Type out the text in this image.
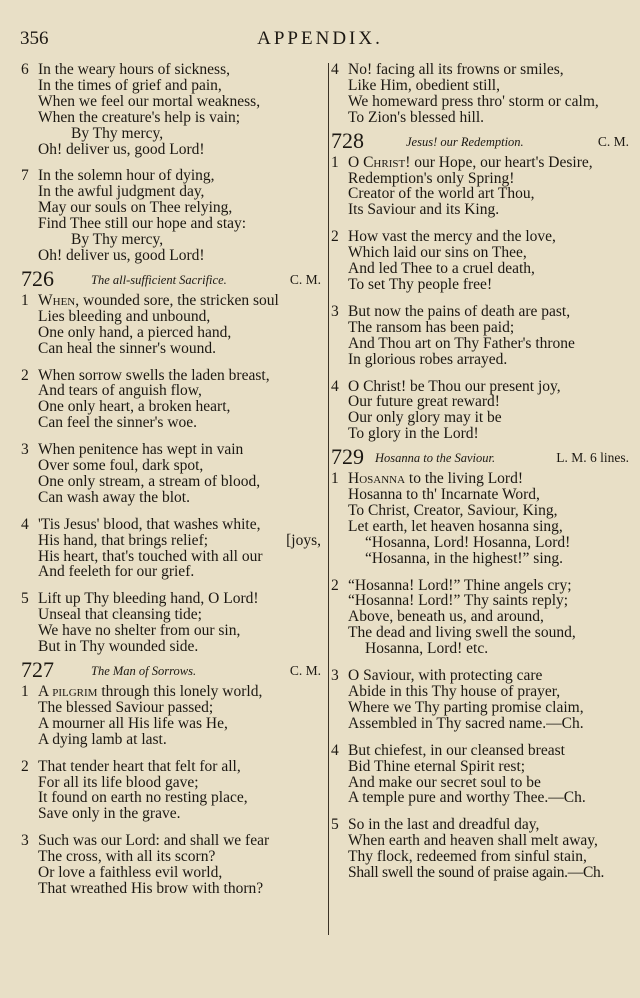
356	APPENDIX.
6 In the weary hours of sickness,
In the times of grief and pain,
When we feel our mortal weakness,
When the creature's help is vain;
By Thy mercy,
Oh! deliver us, good Lord!
7 In the solemn hour of dying,
In the awful judgment day,
May our souls on Thee relying,
Find Thee still our hope and stay:
By Thy mercy,
Oh! deliver us, good Lord!
726	The all-sufficient Sacrifice.	C. M.
1 When, wounded sore, the stricken soul
Lies bleeding and unbound,
One only hand, a pierced hand,
Can heal the sinner's wound.
2 When sorrow swells the laden breast,
And tears of anguish flow,
One only heart, a broken heart,
Can feel the sinner's woe.
3 When penitence has wept in vain
Over some foul, dark spot,
One only stream, a stream of blood,
Can wash away the blot.
4 'Tis Jesus' blood, that washes white,
His hand, that brings relief;	[joys,
His heart, that's touched with all our
And feeleth for our grief.
5 Lift up Thy bleeding hand, O Lord!
Unseal that cleansing tide;
We have no shelter from our sin,
But in Thy wounded side.
727	The Man of Sorrows.	C. M.
1 A pilgrim through this lonely world,
The blessed Saviour passed;
A mourner all His life was He,
A dying lamb at last.
2 That tender heart that felt for all,
For all its life blood gave;
It found on earth no resting place,
Save only in the grave.
3 Such was our Lord: and shall we fear
The cross, with all its scorn?
Or love a faithless evil world,
That wreathed His brow with thorn?
4 No! facing all its frowns or smiles,
Like Him, obedient still,
We homeward press thro' storm or calm,
To Zion's blessed hill.
728	Jesus! our Redemption.	C. M.
1 O Christ! our Hope, our heart's Desire,
Redemption's only Spring!
Creator of the world art Thou,
Its Saviour and its King.
2 How vast the mercy and the love,
Which laid our sins on Thee,
And led Thee to a cruel death,
To set Thy people free!
3 But now the pains of death are past,
The ransom has been paid;
And Thou art on Thy Father's throne
In glorious robes arrayed.
4 O Christ! be Thou our present joy,
Our future great reward!
Our only glory may it be
To glory in the Lord!
729 Hosanna to the Saviour.	L. M. 6 lines.
1 Hosanna to the living Lord!
Hosanna to th' Incarnate Word,
To Christ, Creator, Saviour, King,
Let earth, let heaven hosanna sing,
“Hosanna, Lord! Hosanna, Lord!
“Hosanna, in the highest!” sing.
2 “Hosanna! Lord!” Thine angels cry;
“Hosanna! Lord!” Thy saints reply;
Above, beneath us, and around,
The dead and living swell the sound,
Hosanna, Lord! etc.
3 O Saviour, with protecting care
Abide in this Thy house of prayer,
Where we Thy parting promise claim,
Assembled in Thy sacred name.—Ch.
4 But chiefest, in our cleansed breast
Bid Thine eternal Spirit rest;
And make our secret soul to be
A temple pure and worthy Thee.—Ch.
5 So in the last and dreadful day,
When earth and heaven shall melt away,
Thy flock, redeemed from sinful stain,
Shall swell the sound of praise again.—Ch.
